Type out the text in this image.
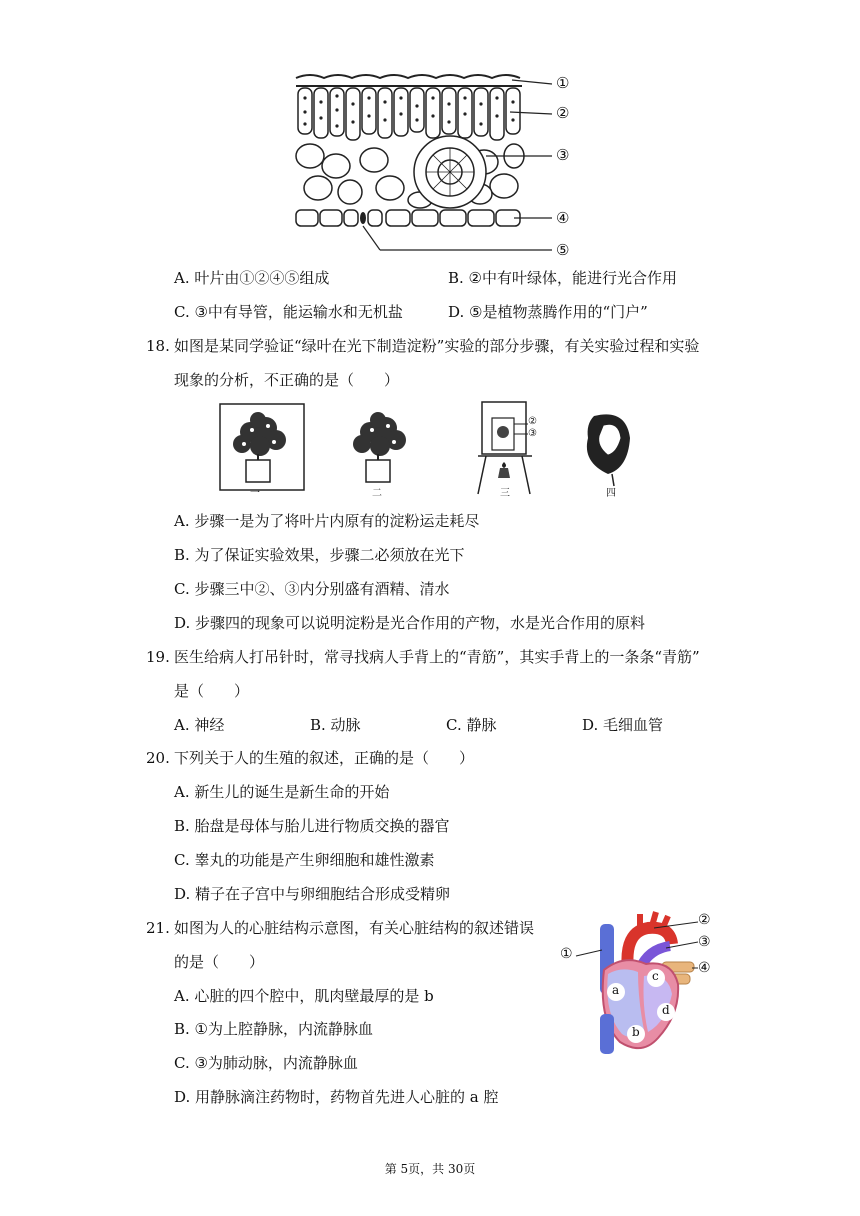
①
②
③
④
⑤
A. 叶片由①②④⑤组成	B. ②中有叶绿体，能进行光合作用
C. ③中有导管，能运输水和无机盐	D. ⑤是植物蒸腾作用的“门户”
18. 如图是某同学验证“绿叶在光下制造淀粉”实验的部分步骤，有关实验过程和实验
现象的分析，不正确的是（　　）
一	二	三	四
②
③
A. 步骤一是为了将叶片内原有的淀粉运走耗尽
B. 为了保证实验效果，步骤二必须放在光下
C. 步骤三中②、③内分别盛有酒精、清水
D. 步骤四的现象可以说明淀粉是光合作用的产物，水是光合作用的原料
19. 医生给病人打吊针时，常寻找病人手背上的“青筋”，其实手背上的一条条“青筋”
是（　　）
A. 神经	B. 动脉	C. 静脉	D. 毛细血管
20. 下列关于人的生殖的叙述，正确的是（　　）
A. 新生儿的诞生是新生命的开始
B. 胎盘是母体与胎儿进行物质交换的器官
C. 睾丸的功能是产生卵细胞和雄性激素
D. 精子在子宫中与卵细胞结合形成受精卵
21. 如图为人的心脏结构示意图，有关心脏结构的叙述错误
的是（　　）
A. 心脏的四个腔中，肌肉壁最厚的是 b
B. ①为上腔静脉，内流静脉血
C. ③为肺动脉，内流静脉血
D. 用静脉滴注药物时，药物首先进人心脏的 a 腔
①
②
③
④
a
b
c
d
第 5页，共 30页
